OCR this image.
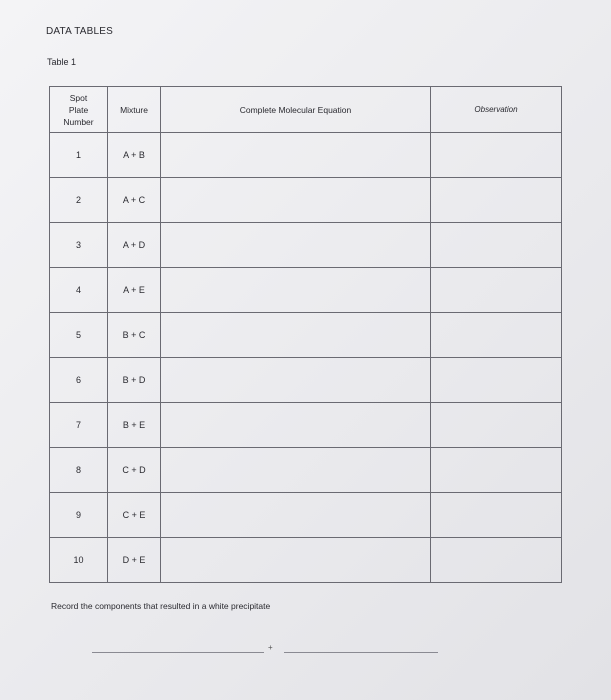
DATA TABLES
Table 1
Spot
Plate
Number	Mixture	Complete Molecular Equation	Observation
1	A + B		
2	A + C		
3	A + D		
4	A + E		
5	B + C		
6	B + D		
7	B + E		
8	C + D		
9	C + E		
10	D + E		
Record the components that resulted in a white precipitate
+
